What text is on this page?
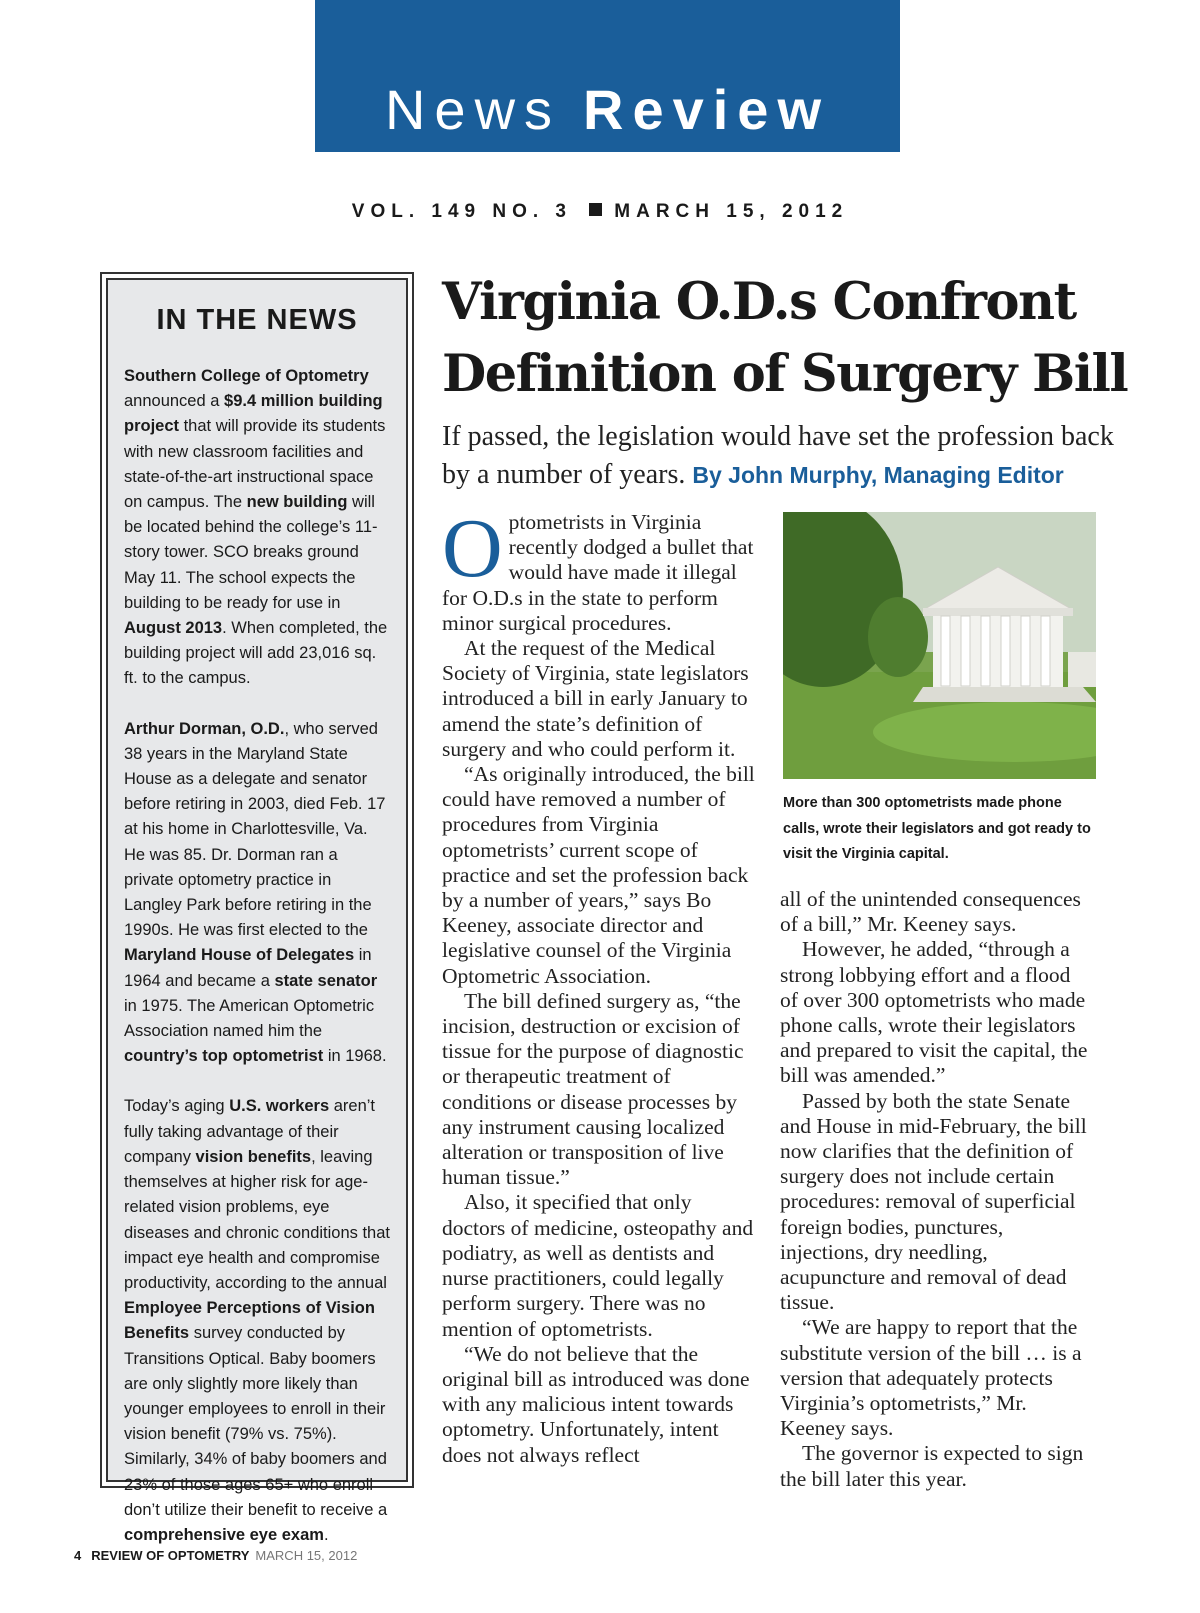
News Review
VOL. 149 NO. 3 MARCH 15, 2012
IN THE NEWS

Southern College of Optometry announced a $9.4 million building project that will provide its students with new classroom facilities and state-of-the-art instructional space on campus. The new building will be located behind the college’s 11-story tower. SCO breaks ground May 11. The school expects the building to be ready for use in August 2013. When completed, the building project will add 23,016 sq. ft. to the campus.

Arthur Dorman, O.D., who served 38 years in the Maryland State House as a delegate and senator before retiring in 2003, died Feb. 17 at his home in Charlottesville, Va. He was 85. Dr. Dorman ran a private optometry practice in Langley Park before retiring in the 1990s. He was first elected to the Maryland House of Delegates in 1964 and became a state senator in 1975. The American Optometric Association named him the country’s top optometrist in 1968.

Today’s aging U.S. workers aren’t fully taking advantage of their company vision benefits, leaving themselves at higher risk for age-related vision problems, eye diseases and chronic conditions that impact eye health and compromise productivity, according to the annual Employee Perceptions of Vision Benefits survey conducted by Transitions Optical. Baby boomers are only slightly more likely than younger employees to enroll in their vision benefit (79% vs. 75%). Similarly, 34% of baby boomers and 23% of those ages 65+ who enroll don’t utilize their benefit to receive a comprehensive eye exam.

Virginia O.D.s Confront Definition of Surgery Bill

If passed, the legislation would have set the profession back by a number of years. By John Murphy, Managing Editor

Optometrists in Virginia recently dodged a bullet that would have made it illegal for O.D.s in the state to perform minor surgical procedures.

At the request of the Medical Society of Virginia, state legislators introduced a bill in early January to amend the state’s definition of surgery and who could perform it.

“As originally introduced, the bill could have removed a number of procedures from Virginia optometrists’ current scope of practice and set the profession back by a number of years,” says Bo Keeney, associate director and legislative counsel of the Virginia Optometric Association.

The bill defined surgery as, “the incision, destruction or excision of tissue for the purpose of diagnostic or therapeutic treatment of conditions or disease processes by any instrument causing localized alteration or transposition of live human tissue.”

Also, it specified that only doctors of medicine, osteopathy and podiatry, as well as dentists and nurse practitioners, could legally perform surgery. There was no mention of optometrists.

“We do not believe that the original bill as introduced was done with any malicious intent towards optometry. Unfortunately, intent does not always reflect

More than 300 optometrists made phone calls, wrote their legislators and got ready to visit the Virginia capital.

all of the unintended consequences of a bill,” Mr. Keeney says.

However, he added, “through a strong lobbying effort and a flood of over 300 optometrists who made phone calls, wrote their legislators and prepared to visit the capital, the bill was amended.”

Passed by both the state Senate and House in mid-February, the bill now clarifies that the definition of surgery does not include certain procedures: removal of superficial foreign bodies, punctures, injections, dry needling, acupuncture and removal of dead tissue.

“We are happy to report that the substitute version of the bill … is a version that adequately protects Virginia’s optometrists,” Mr. Keeney says.

The governor is expected to sign the bill later this year.

4 REVIEW OF OPTOMETRY MARCH 15, 2012
